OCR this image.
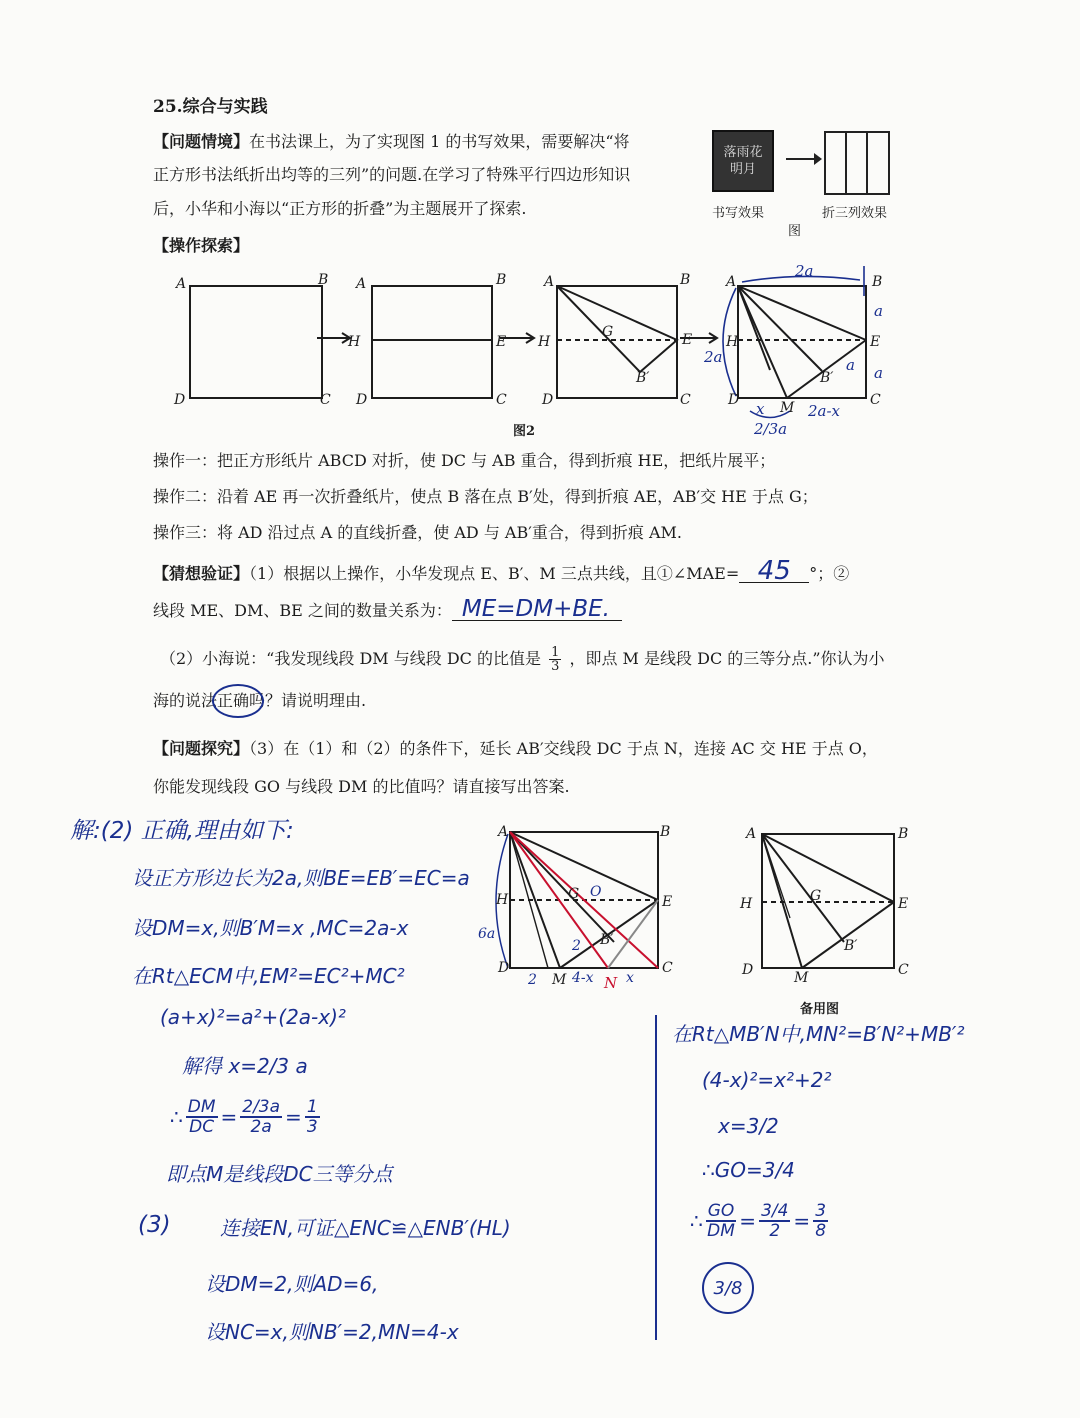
25.综合与实践
【问题情境】在书法课上，为了实现图 1 的书写效果，需要解决“将
正方形书法纸折出均等的三列”的问题.在学习了特殊平行四边形知识
后，小华和小海以“正方形的折叠”为主题展开了探索.
落雨花明月
书写效果	折三列效果
图
【操作探索】
A	B
D	C
A	B
H	E
D	C
A	B
H	E
G
B′
D	C
A	B
H	E
D	M	C
B′
2a
a
a
2a
x	2a-x
2/3a
a
图2
操作一：把正方形纸片 ABCD 对折，使 DC 与 AB 重合，得到折痕 HE，把纸片展平；
操作二：沿着 AE 再一次折叠纸片，使点 B 落在点 B′处，得到折痕 AE，AB′交 HE 于点 G；
操作三：将 AD 沿过点 A 的直线折叠，使 AD 与 AB′重合，得到折痕 AM.
【猜想验证】（1）根据以上操作，小华发现点 E、B′、M 三点共线，且①∠MAE= 45 °；②
线段 ME、DM、BE 之间的数量关系为： ME=DM+BE.
（2）小海说：“我发现线段 DM 与线段 DC 的比值是 $\frac{1}{3}$ ，即点 M 是线段 DC 的三等分点.”你认为小
海的说法正确吗？请说明理由.
【问题探究】（3）在（1）和（2）的条件下，延长 AB′交线段 DC 于点 N，连接 AC 交 HE 于点 O，
你能发现线段 GO 与线段 DM 的比值吗？请直接写出答案.
解:(2) 正确,理由如下:
设正方形边长为2a,则BE=EB′=EC=a
设DM=x,则B′M=x ,MC=2a-x
在Rt△ECM中,EM²=EC²+MC²
(a+x)²=a²+(2a-x)²
解得 x=2/3 a
∴ $\frac{DM}{DC} = \frac{2/3a}{2a} = \frac{1}{3}$
即点M是线段DC三等分点
(3) 连接EN,可证△ENC≌△ENB′(HL)
设DM=2,则AD=6,
设NC=x,则NB′=2,MN=4-x
在Rt△MB′N中,MN²=B′N²+MB′²
(4-x)²=x²+2²
x=3/2
∴GO=3/4
∴ $\frac{GO}{DM} = \frac{3/4}{2} = \frac{3}{8}$
3/8
A	B
H	E
D	C
G
B′
M
O
6a
2	4-x x
2
N
A	B
H	E
D	C
G
B′
M
备用图
